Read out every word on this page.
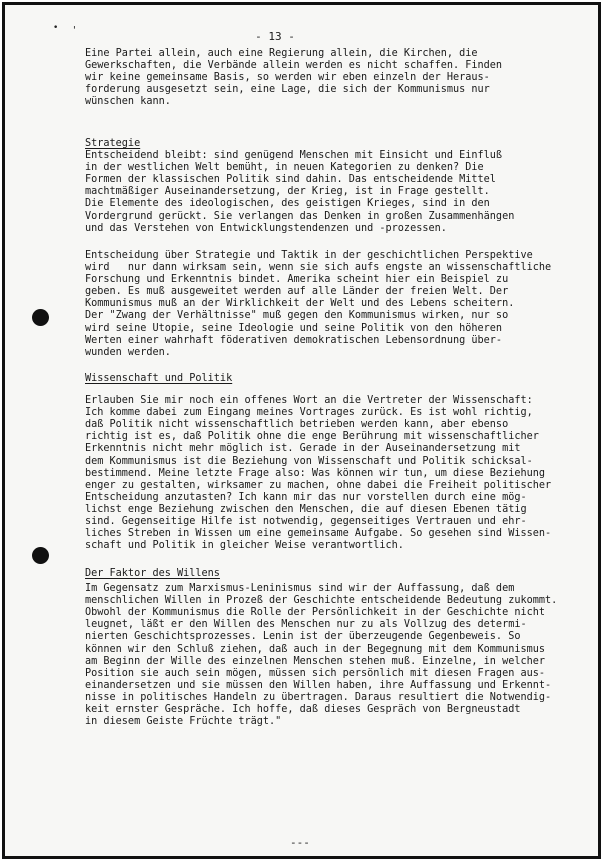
• '	- 13 -
Eine Partei allein, auch eine Regierung allein, die Kirchen, die
Gewerkschaften, die Verbände allein werden es nicht schaffen. Finden
wir keine gemeinsame Basis, so werden wir eben einzeln der Heraus-
forderung ausgesetzt sein, eine Lage, die sich der Kommunismus nur
wünschen kann.
Strategie
Entscheidend bleibt: sind genügend Menschen mit Einsicht und Einfluß
in der westlichen Welt bemüht, in neuen Kategorien zu denken? Die
Formen der klassischen Politik sind dahin. Das entscheidende Mittel
machtmäßiger Auseinandersetzung, der Krieg, ist in Frage gestellt.
Die Elemente des ideologischen, des geistigen Krieges, sind in den
Vordergrund gerückt. Sie verlangen das Denken in großen Zusammenhängen
und das Verstehen von Entwicklungstendenzen und -prozessen.
Entscheidung über Strategie und Taktik in der geschichtlichen Perspektive
wird   nur dann wirksam sein, wenn sie sich aufs engste an wissenschaftliche
Forschung und Erkenntnis bindet. Amerika scheint hier ein Beispiel zu
geben. Es muß ausgeweitet werden auf alle Länder der freien Welt. Der
Kommunismus muß an der Wirklichkeit der Welt und des Lebens scheitern.
Der "Zwang der Verhältnisse" muß gegen den Kommunismus wirken, nur so
wird seine Utopie, seine Ideologie und seine Politik von den höheren
Werten einer wahrhaft föderativen demokratischen Lebensordnung über-
wunden werden.
Wissenschaft und Politik
Erlauben Sie mir noch ein offenes Wort an die Vertreter der Wissenschaft:
Ich komme dabei zum Eingang meines Vortrages zurück. Es ist wohl richtig,
daß Politik nicht wissenschaftlich betrieben werden kann, aber ebenso
richtig ist es, daß Politik ohne die enge Berührung mit wissenschaftlicher
Erkenntnis nicht mehr möglich ist. Gerade in der Auseinandersetzung mit
dem Kommunismus ist die Beziehung von Wissenschaft und Politik schicksal-
bestimmend. Meine letzte Frage also: Was können wir tun, um diese Beziehung
enger zu gestalten, wirksamer zu machen, ohne dabei die Freiheit politischer
Entscheidung anzutasten? Ich kann mir das nur vorstellen durch eine mög-
lichst enge Beziehung zwischen den Menschen, die auf diesen Ebenen tätig
sind. Gegenseitige Hilfe ist notwendig, gegenseitiges Vertrauen und ehr-
liches Streben in Wissen um eine gemeinsame Aufgabe. So gesehen sind Wissen-
schaft und Politik in gleicher Weise verantwortlich.
Der Faktor des Willens
Im Gegensatz zum Marxismus-Leninismus sind wir der Auffassung, daß dem
menschlichen Willen in Prozeß der Geschichte entscheidende Bedeutung zukommt.
Obwohl der Kommunismus die Rolle der Persönlichkeit in der Geschichte nicht
leugnet, läßt er den Willen des Menschen nur zu als Vollzug des determi-
nierten Geschichtsprozesses. Lenin ist der überzeugende Gegenbeweis. So
können wir den Schluß ziehen, daß auch in der Begegnung mit dem Kommunismus
am Beginn der Wille des einzelnen Menschen stehen muß. Einzelne, in welcher
Position sie auch sein mögen, müssen sich persönlich mit diesen Fragen aus-
einandersetzen und sie müssen den Willen haben, ihre Auffassung und Erkennt-
nisse in politisches Handeln zu übertragen. Daraus resultiert die Notwendig-
keit ernster Gespräche. Ich hoffe, daß dieses Gespräch von Bergneustadt
in diesem Geiste Früchte trägt."
---
